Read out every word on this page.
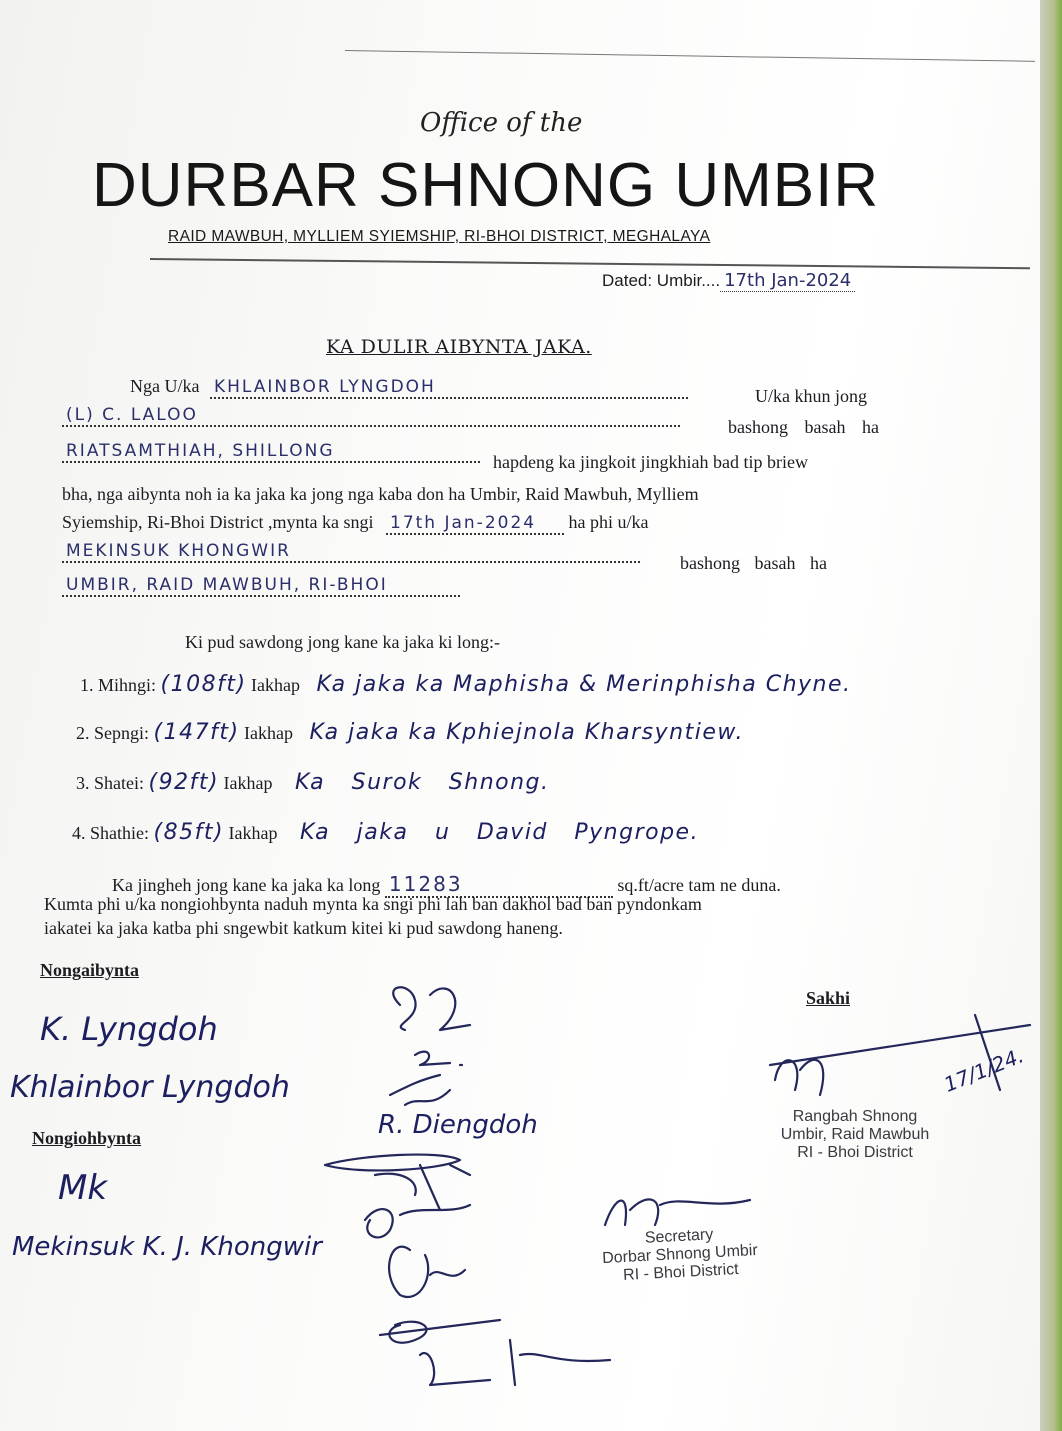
Office of the
DURBAR SHNONG UMBIR
RAID MAWBUH, MYLLIEM SYIEMSHIP, RI-BHOI DISTRICT, MEGHALAYA
Dated: Umbir.... 17th Jan-2024
KA DULIR AIBYNTA JAKA.
Nga U/ka KHLAINBOR LYNGDOH	U/ka khun jong
(L) C. LALOO
bashong basah ha
RIATSAMTHIAH, SHILLONG
hapdeng ka jingkoit jingkhiah bad tip briew
bha, nga aibynta noh ia ka jaka ka jong nga kaba don ha Umbir, Raid Mawbuh, Mylliem
Syiemship, Ri-Bhoi District ,mynta ka sngi 17th Jan-2024 ha phi u/ka
MEKINSUK KHONGWIR
bashong basah ha
UMBIR, RAID MAWBUH, RI-BHOI
Ki pud sawdong jong kane ka jaka ki long:-
1. Mihngi: (108ft) Iakhap Ka jaka ka Maphisha & Merinphisha Chyne.
2. Sepngi: (147ft) Iakhap Ka jaka ka Kphiejnola Kharsyntiew.
3. Shatei: (92ft) Iakhap Ka Surok Shnong.
4. Shathie: (85ft) Iakhap Ka jaka u David Pyngrope.
Ka jingheh jong kane ka jaka ka long 11283	sq.ft/acre tam ne duna.
Kumta phi u/ka nongiohbynta naduh mynta ka sngi phi lah ban dakhol bad ban pyndonkam
iakatei ka jaka katba phi sngewbit katkum kitei ki pud sawdong haneng.
Nongaibynta
Sakhi
Nongiohbynta
K. Lyngdoh
Khlainbor Lyngdoh
Mk
Mekinsuk K. J. Khongwir
R. Diengdoh
17/1/24.
Rangbah Shnong
Umbir, Raid Mawbuh
RI - Bhoi District
Secretary
Dorbar Shnong Umbir
RI - Bhoi District
